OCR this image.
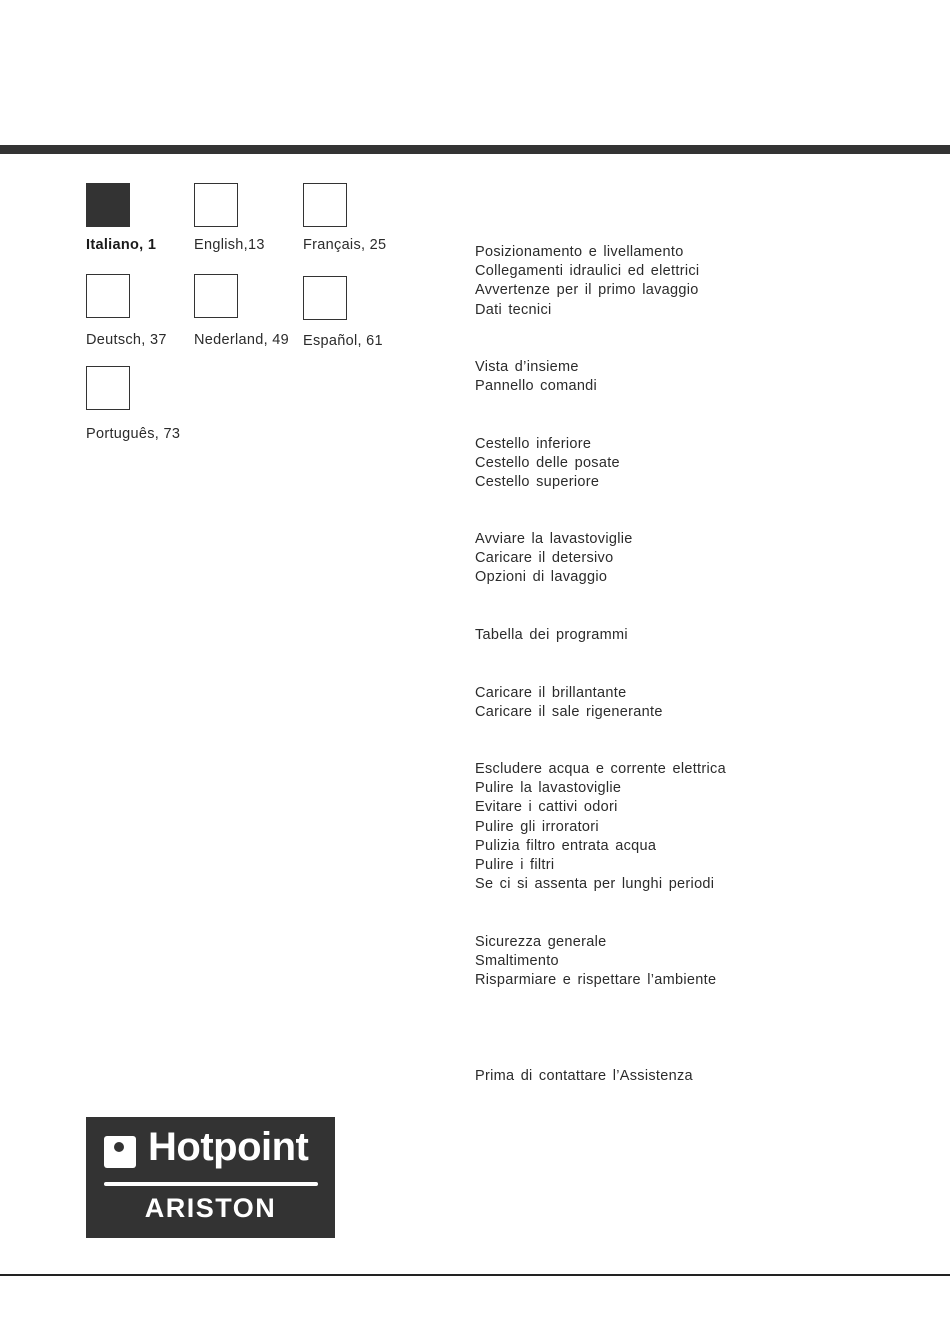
Italiano, 1	English,13	Français, 25
Deutsch, 37 Nederland, 49 Español, 61
Português, 73
Posizionamento e livellamento
Collegamenti idraulici ed elettrici
Avvertenze per il primo lavaggio
Dati tecnici
Vista d’insieme
Pannello comandi
Cestello inferiore
Cestello delle posate
Cestello superiore
Avviare la lavastoviglie
Caricare il detersivo
Opzioni di lavaggio
Tabella dei programmi
Caricare il brillantante
Caricare il sale rigenerante
Escludere acqua e corrente elettrica
Pulire la lavastoviglie
Evitare i cattivi odori
Pulire gli irroratori
Pulizia filtro entrata acqua
Pulire i filtri
Se ci si assenta per lunghi periodi
Sicurezza generale
Smaltimento
Risparmiare e rispettare l’ambiente
Prima di contattare l’Assistenza
Hotpoint
ARISTON
